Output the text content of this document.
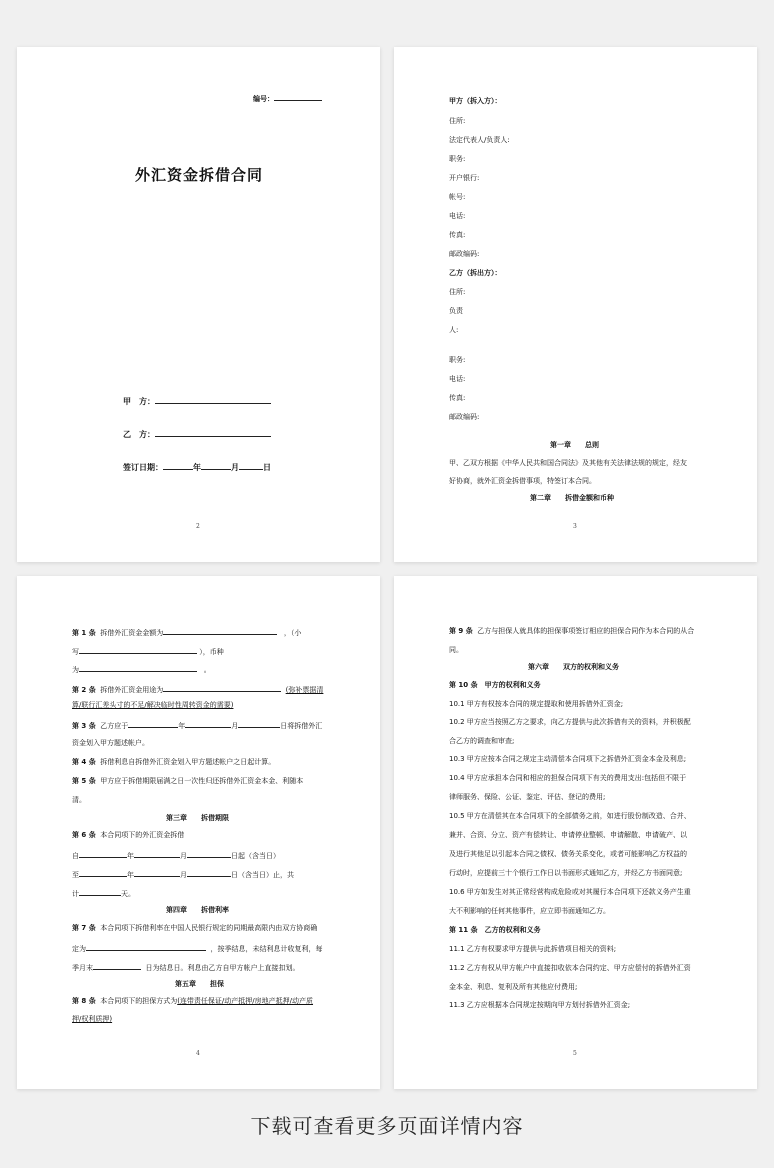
编号：
外汇资金拆借合同
甲　方：
乙　方：
签订日期：	年	月	日
2
甲方（拆入方）：
住所:
法定代表人/负责人:
职务:
开户银行:
帐号:
电话:
传真:
邮政编码:
乙方（拆出方）：
住所:
负责
人:
职务:
电话:
传真:
邮政编码:
第一章　　总则
甲、乙双方根据《中华人民共和国合同法》及其他有关法律法规的规定，经友
好协商，就外汇资金拆借事项，特签订本合同。
第二章　　拆借金额和币种
3
第 1 条 拆借外汇资金金额为	，（小
写	），币种
为	。
第 2 条 拆借外汇资金用途为	(弥补票据清
算/联行汇差头寸的不足/解决临时性周转资金的需要)
第 3 条 乙方应于	年	月	日将拆借外汇
资金划入甲方题述帐户。
第 4 条 拆借利息自拆借外汇资金划入甲方题述帐户之日起计算。
第 5 条 甲方应于拆借期限届满之日一次性归还拆借外汇资金本金、利随本
清。
第三章　　拆借期限
第 6 条 本合同项下的外汇资金拆借
自	年	月	日起（含当日）
至	年	月	日（含当日）止，共
计	天。
第四章　　拆借利率
第 7 条 本合同项下拆借利率在中国人民银行规定的同期最高限内由双方协商确
定为	，按季结息，未结利息计收复利，每
季月末	日为结息日。利息由乙方自甲方帐户上直接扣划。
第五章　　担保
第 8 条 本合同项下的担保方式为(连带责任保证/动产抵押/房地产抵押/动产质
押/权利质押)
4
第 9 条 乙方与担保人就具体的担保事项签订相应的担保合同作为本合同的从合
同。
第六章　　双方的权利和义务
第 10 条　甲方的权利和义务
10.1 甲方有权按本合同的规定提取和使用拆借外汇资金;
10.2 甲方应当按照乙方之要求，向乙方提供与此次拆借有关的资料，并积极配
合乙方的调查和审查;
10.3 甲方应按本合同之规定主动清偿本合同项下之拆借外汇资金本金及利息;
10.4 甲方应承担本合同和相应的担保合同项下有关的费用支出:包括但不限于
律师服务、保险、公证、鉴定、评估、登记的费用;
10.5 甲方在清偿其在本合同项下的全部债务之前，如进行股份制改造、合并、
兼并、合资、分立、资产有偿转让、申请停业整顿、申请解散、申请破产、以
及进行其他足以引起本合同之债权、债务关系变化，或者可能影响乙方权益的
行动时，应提前三十个银行工作日以书面形式通知乙方，并经乙方书面同意;
10.6 甲方如发生对其正常经营构成危险或对其履行本合同项下还款义务产生重
大不利影响的任何其他事件，应立即书面通知乙方。
第 11 条　乙方的权利和义务
11.1 乙方有权要求甲方提供与此拆借项目相关的资料;
11.2 乙方有权从甲方帐户中直接扣收依本合同约定、甲方应偿付的拆借外汇资
金本金、利息、复利及所有其他应付费用;
11.3 乙方应根据本合同规定按期向甲方划付拆借外汇资金;
5
下载可查看更多页面详情内容
